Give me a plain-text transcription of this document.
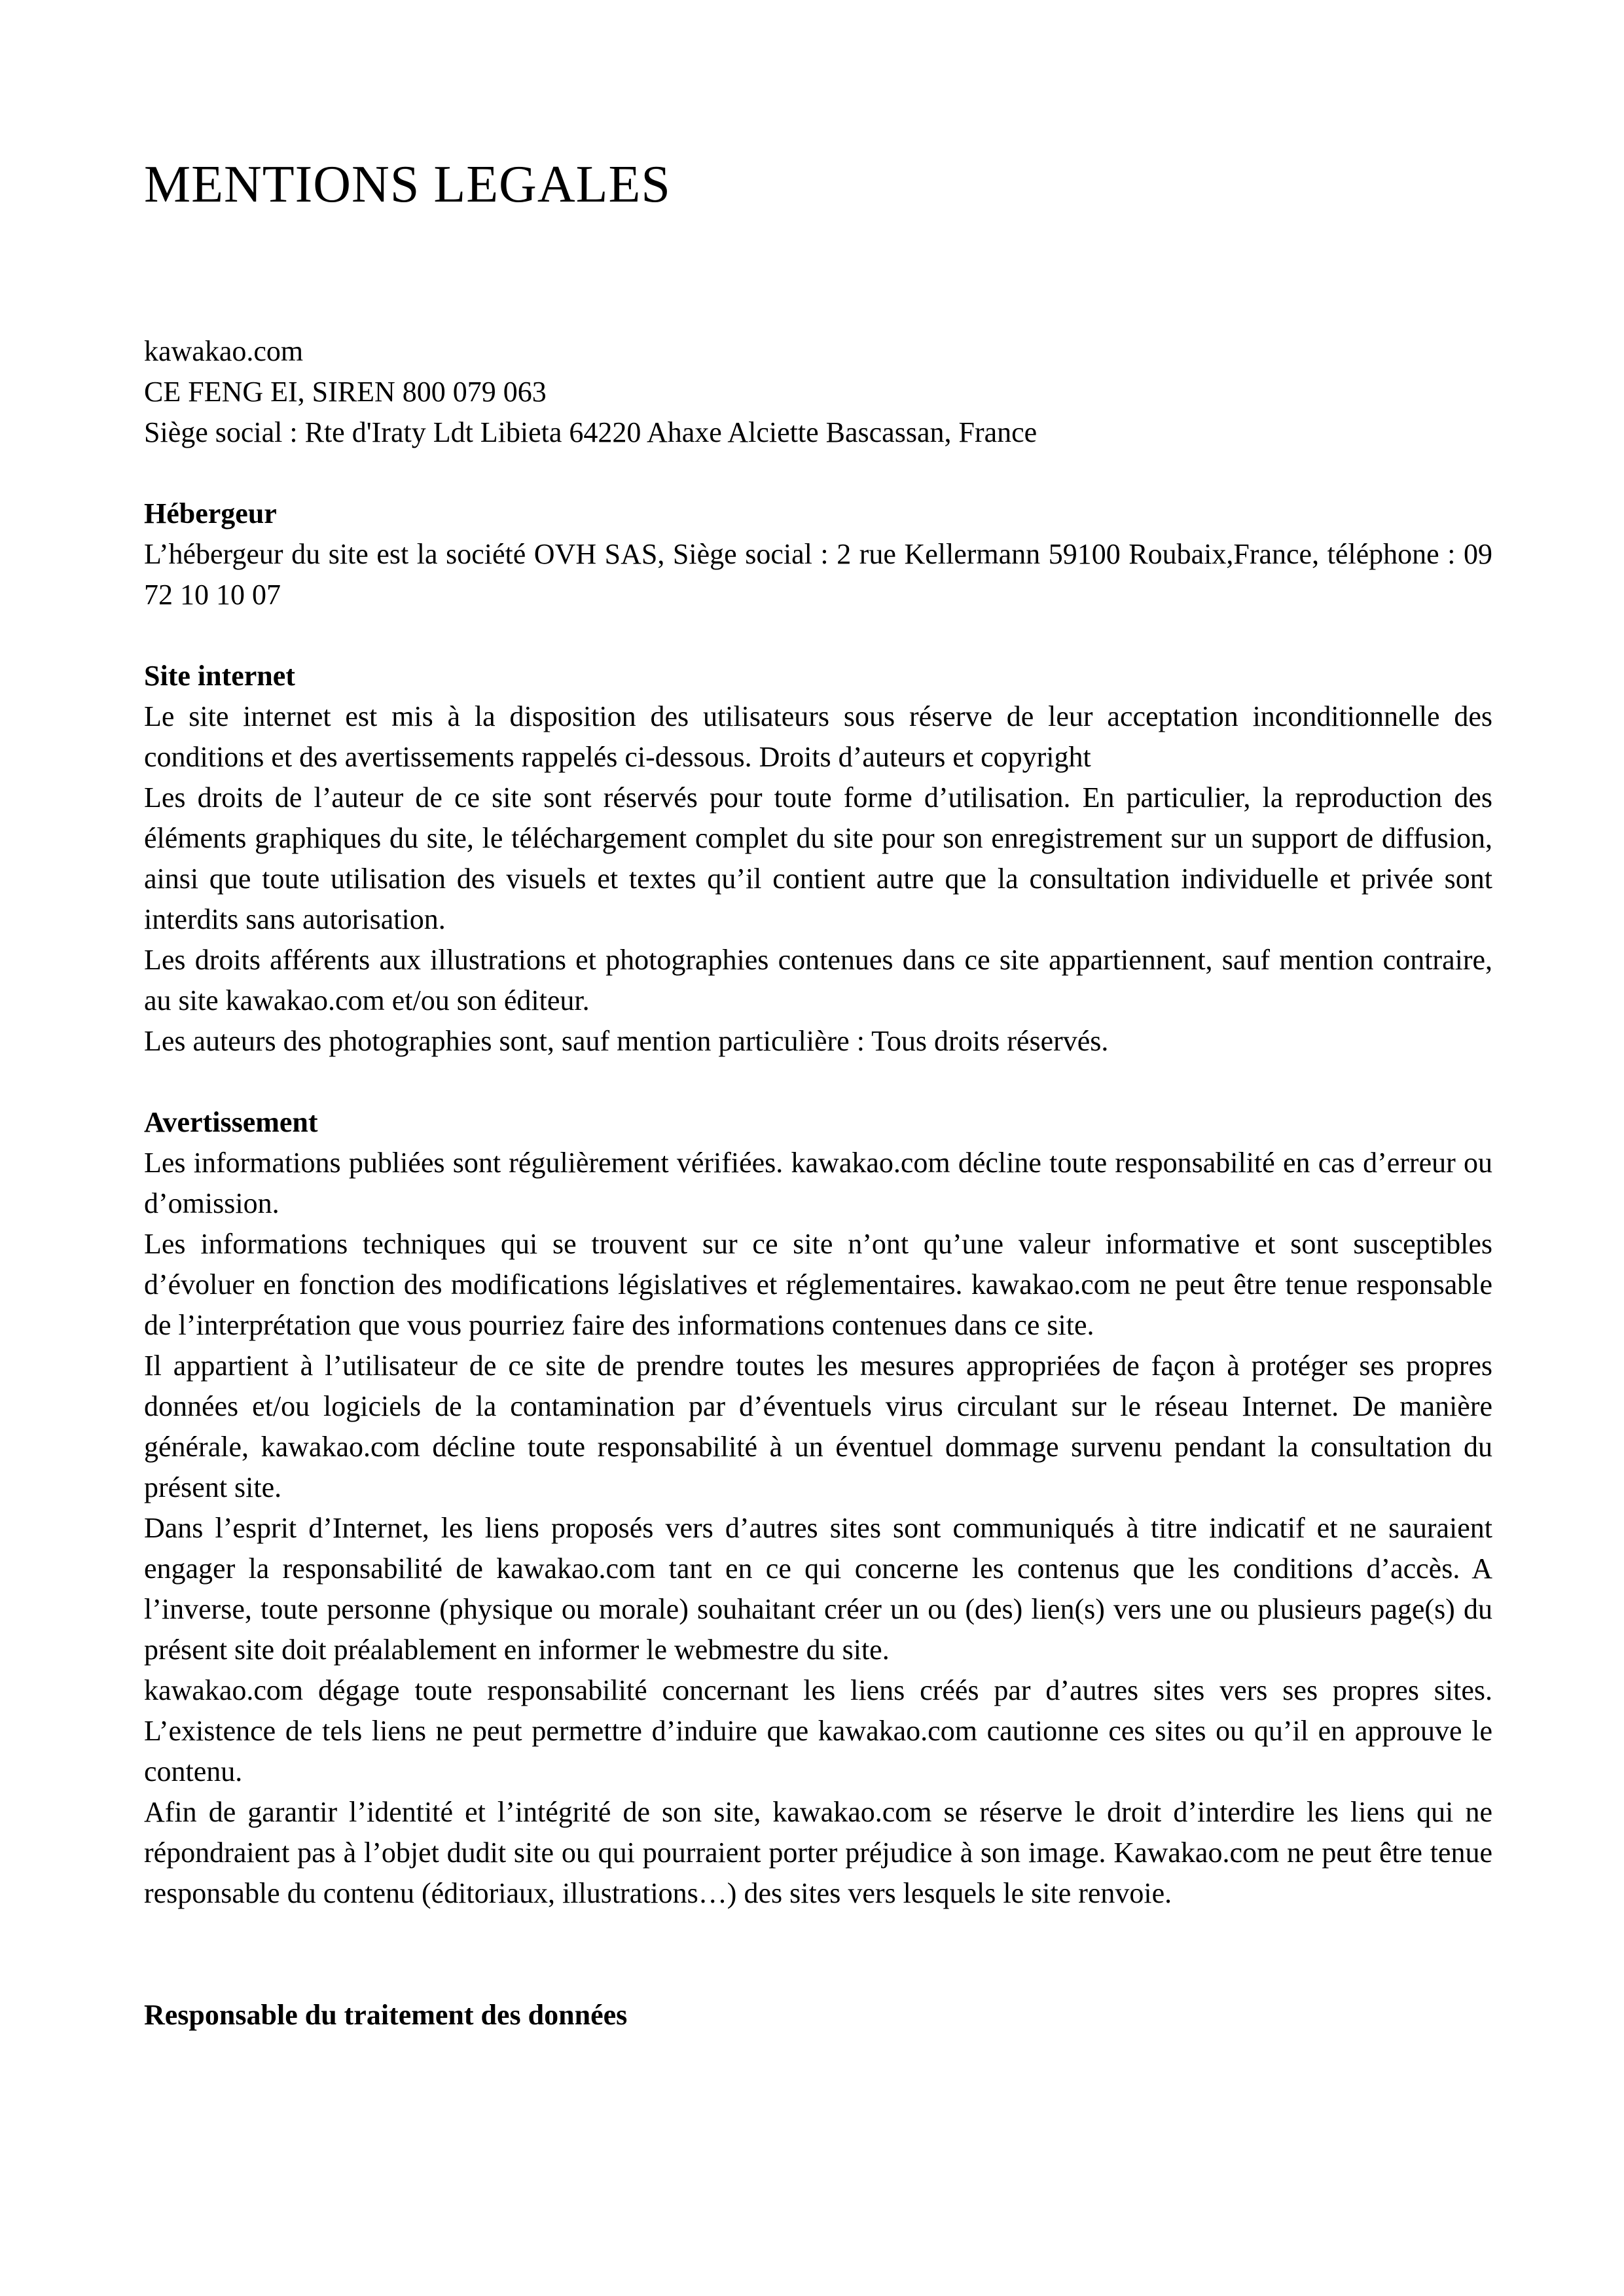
MENTIONS LEGALES

kawakao.com

CE FENG EI, SIREN 800 079 063

Siège social : Rte d'Iraty Ldt Libieta 64220 Ahaxe Alciette Bascassan, France

Hébergeur

L’hébergeur du site est la société OVH SAS, Siège social : 2 rue Kellermann 59100 Roubaix,France, téléphone : 09 72 10 10 07

Site internet

Le site internet est mis à la disposition des utilisateurs sous réserve de leur acceptation inconditionnelle des conditions et des avertissements rappelés ci-dessous. Droits d’auteurs et copyright

Les droits de l’auteur de ce site sont réservés pour toute forme d’utilisation. En particulier, la reproduction des éléments graphiques du site, le téléchargement complet du site pour son enregistrement sur un support de diffusion, ainsi que toute utilisation des visuels et textes qu’il contient autre que la consultation individuelle et privée sont interdits sans autorisation.

Les droits afférents aux illustrations et photographies contenues dans ce site appartiennent, sauf mention contraire, au site kawakao.com et/ou son éditeur.

Les auteurs des photographies sont, sauf mention particulière : Tous droits réservés.

Avertissement

Les informations publiées sont régulièrement vérifiées. kawakao.com décline toute responsabilité en cas d’erreur ou d’omission.

Les informations techniques qui se trouvent sur ce site n’ont qu’une valeur informative et sont susceptibles d’évoluer en fonction des modifications législatives et réglementaires. kawakao.com ne peut être tenue responsable de l’interprétation que vous pourriez faire des informations contenues dans ce site.

Il appartient à l’utilisateur de ce site de prendre toutes les mesures appropriées de façon à protéger ses propres données et/ou logiciels de la contamination par d’éventuels virus circulant sur le réseau Internet. De manière générale, kawakao.com décline toute responsabilité à un éventuel dommage survenu pendant la consultation du présent site.

Dans l’esprit d’Internet, les liens proposés vers d’autres sites sont communiqués à titre indicatif et ne sauraient engager la responsabilité de kawakao.com tant en ce qui concerne les contenus que les conditions d’accès. A l’inverse, toute personne (physique ou morale) souhaitant créer un ou (des) lien(s) vers une ou plusieurs page(s) du présent site doit préalablement en informer le webmestre du site.

kawakao.com dégage toute responsabilité concernant les liens créés par d’autres sites vers ses propres sites. L’existence de tels liens ne peut permettre d’induire que kawakao.com cautionne ces sites ou qu’il en approuve le contenu.

Afin de garantir l’identité et l’intégrité de son site, kawakao.com se réserve le droit d’interdire les liens qui ne répondraient pas à l’objet dudit site ou qui pourraient porter préjudice à son image. Kawakao.com ne peut être tenue responsable du contenu (éditoriaux, illustrations…) des sites vers lesquels le site renvoie.

Responsable du traitement des données
